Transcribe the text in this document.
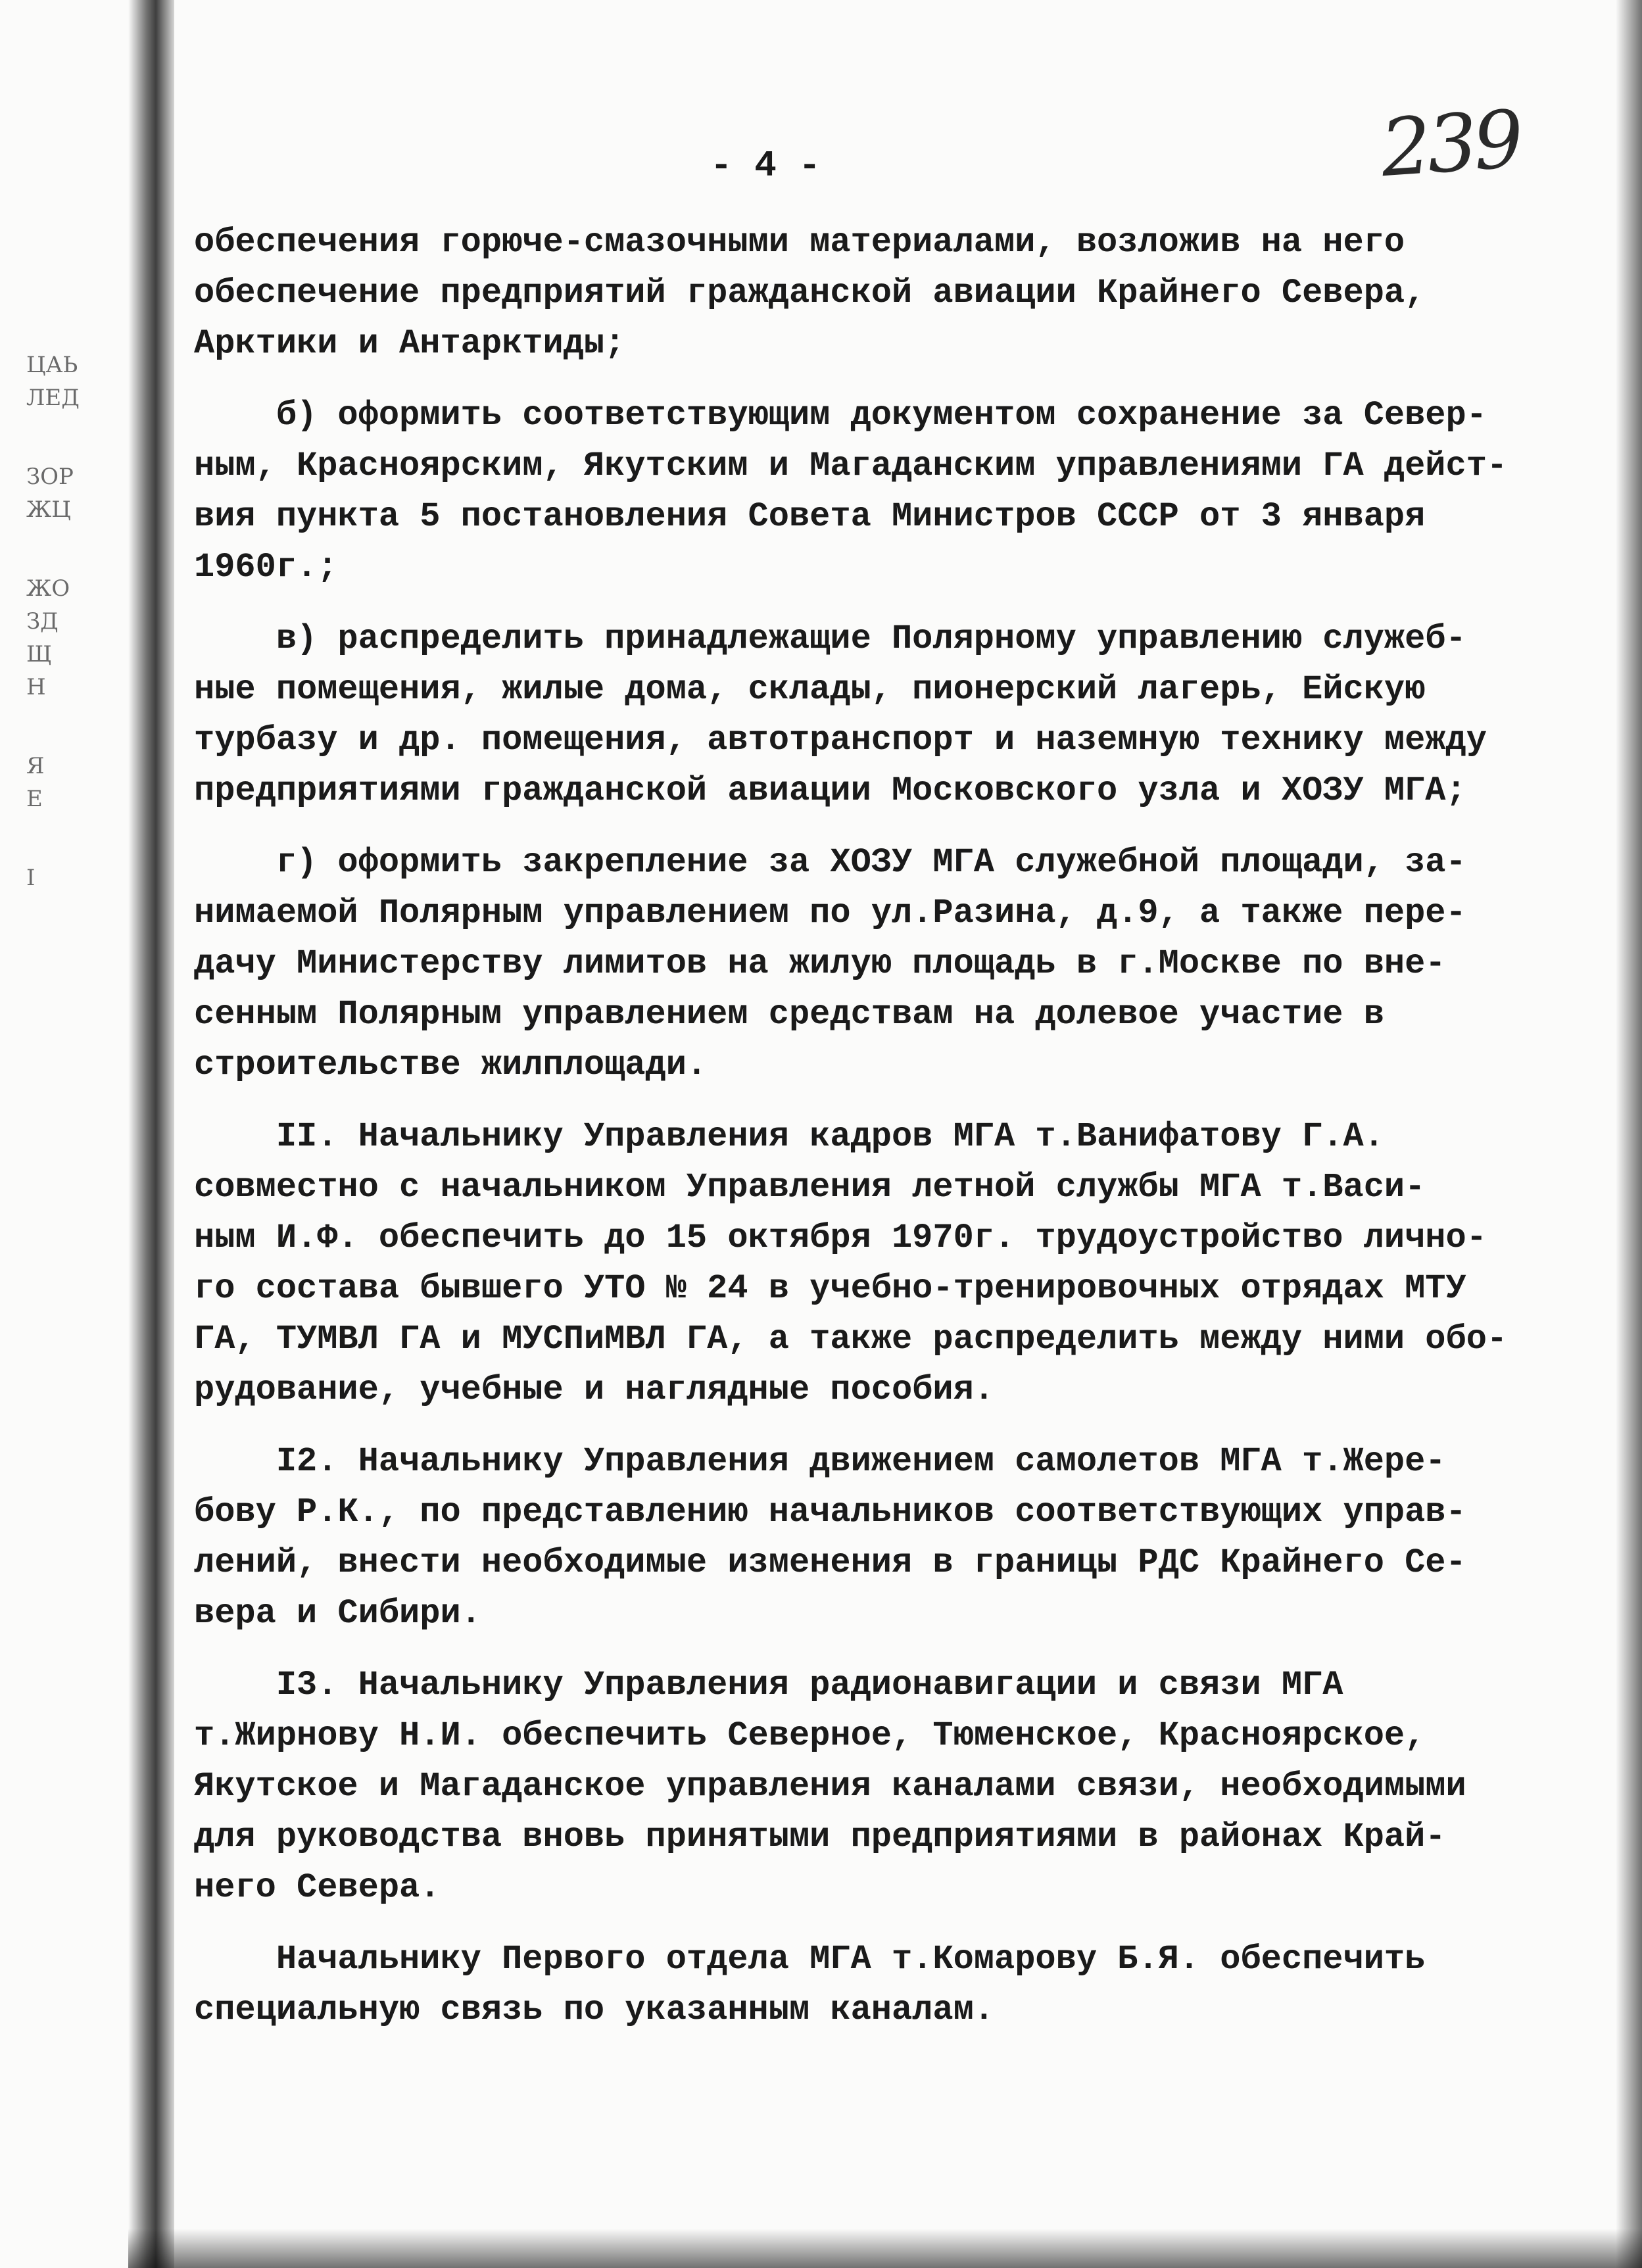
ЦАЬ
ЛЕД
ЗОР
ЖЦ
ЖО
ЗД
Щ
Н
Я
Е
І
239
- 4 -
обеспечения горюче-смазочными материалами, возложив на него
обеспечение предприятий гражданской авиации Крайнего Севера,
Арктики и Антарктиды;
б) оформить соответствующим документом сохранение за Север-
ным, Красноярским, Якутским и Магаданским управлениями ГА дейст-
вия пункта 5 постановления Совета Министров СССР от 3 января
1960г.;
в) распределить принадлежащие Полярному управлению служеб-
ные помещения, жилые дома, склады, пионерский лагерь, Ейскую
турбазу и др. помещения, автотранспорт и наземную технику между
предприятиями гражданской авиации Московского узла и ХОЗУ МГА;
г) оформить закрепление за ХОЗУ МГА служебной площади, за-
нимаемой Полярным управлением по ул.Разина, д.9, а также пере-
дачу Министерству лимитов на жилую площадь в г.Москве по вне-
сенным Полярным управлением средствам на долевое участие в
строительстве жилплощади.
II. Начальнику Управления кадров МГА т.Ванифатову Г.А.
совместно с начальником Управления летной службы МГА т.Васи-
ным И.Ф. обеспечить до 15 октября 1970г. трудоустройство лично-
го состава бывшего УТО № 24 в учебно-тренировочных отрядах МТУ
ГА, ТУМВЛ ГА и МУСПиМВЛ ГА, а также распределить между ними обо-
рудование, учебные и наглядные пособия.
I2. Начальнику Управления движением самолетов МГА т.Жере-
бову Р.К., по представлению начальников соответствующих управ-
лений, внести необходимые изменения в границы РДС Крайнего Се-
вера и Сибири.
I3. Начальнику Управления радионавигации и связи МГА
т.Жирнову Н.И. обеспечить Северное, Тюменское, Красноярское,
Якутское и Магаданское управления каналами связи, необходимыми
для руководства вновь принятыми предприятиями в районах Край-
него Севера.
Начальнику Первого отдела МГА т.Комарову Б.Я. обеспечить
специальную связь по указанным каналам.
